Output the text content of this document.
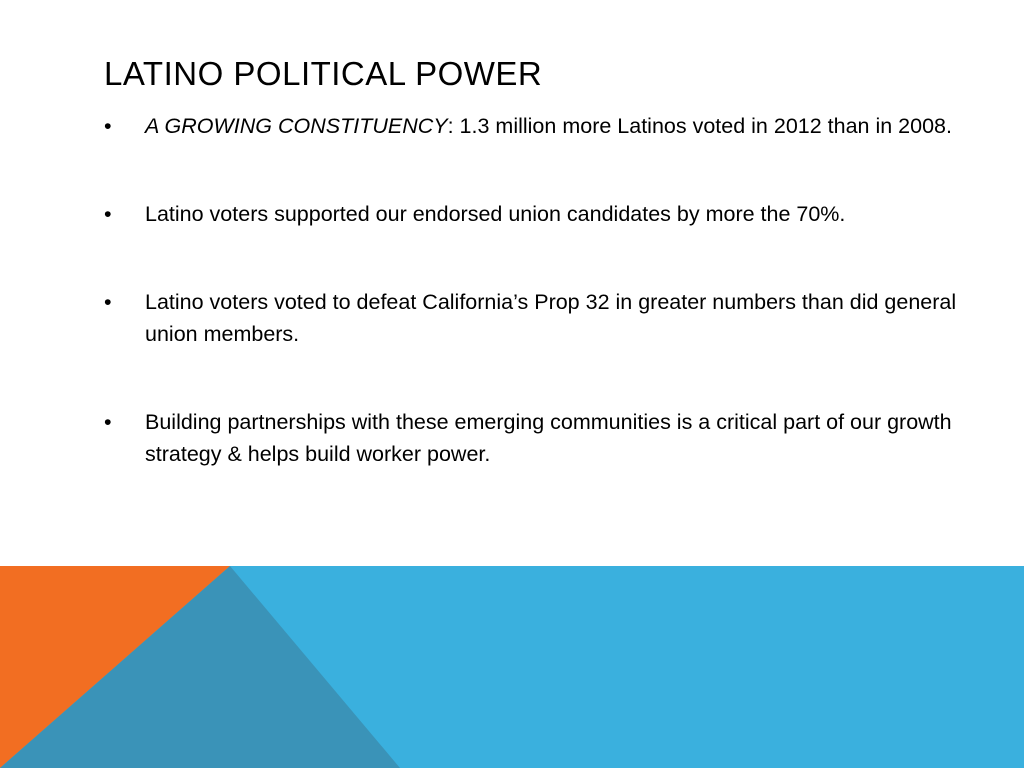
LATINO POLITICAL POWER
•	A GROWING CONSTITUENCY: 1.3 million more Latinos voted in 2012 than in 2008.
•	Latino voters supported our endorsed union candidates by more the 70%.
•	Latino voters voted to defeat California’s Prop 32 in greater numbers than did general union members.
•	Building partnerships with these emerging communities is a critical part of our growth strategy & helps build worker power.
